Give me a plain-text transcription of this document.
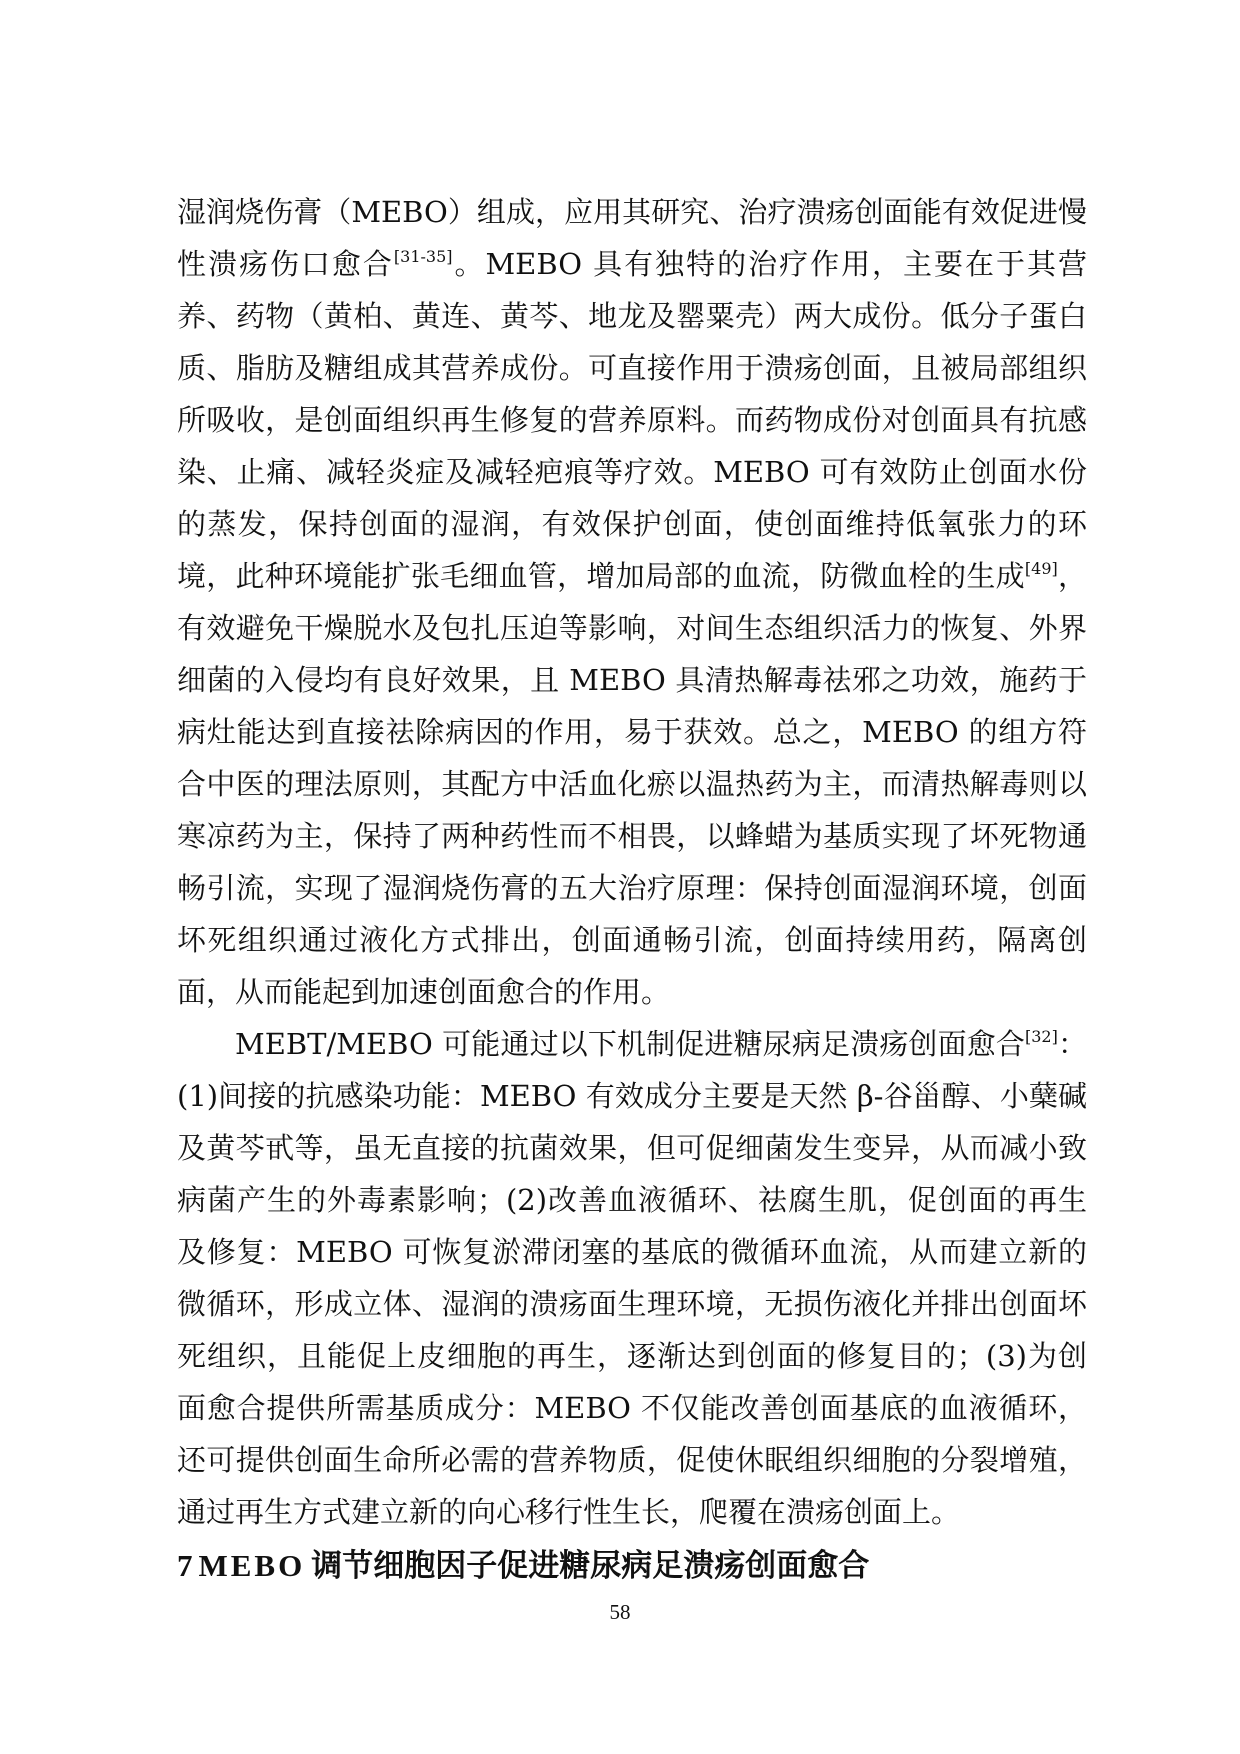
湿润烧伤膏（MEBO）组成，应用其研究、治疗溃疡创面能有效促进慢性溃疡伤口愈合[31-35]。MEBO 具有独特的治疗作用，主要在于其营养、药物（黄柏、黄连、黄芩、地龙及罂粟壳）两大成份。低分子蛋白质、脂肪及糖组成其营养成份。可直接作用于溃疡创面，且被局部组织所吸收，是创面组织再生修复的营养原料。而药物成份对创面具有抗感染、止痛、减轻炎症及减轻疤痕等疗效。MEBO 可有效防止创面水份的蒸发，保持创面的湿润，有效保护创面，使创面维持低氧张力的环境，此种环境能扩张毛细血管，增加局部的血流，防微血栓的生成[49]，有效避免干燥脱水及包扎压迫等影响，对间生态组织活力的恢复、外界细菌的入侵均有良好效果，且 MEBO 具清热解毒祛邪之功效，施药于病灶能达到直接祛除病因的作用，易于获效。总之，MEBO 的组方符合中医的理法原则，其配方中活血化瘀以温热药为主，而清热解毒则以寒凉药为主，保持了两种药性而不相畏，以蜂蜡为基质实现了坏死物通畅引流，实现了湿润烧伤膏的五大治疗原理：保持创面湿润环境，创面坏死组织通过液化方式排出，创面通畅引流，创面持续用药，隔离创面，从而能起到加速创面愈合的作用。

MEBT/MEBO 可能通过以下机制促进糖尿病足溃疡创面愈合[32]：(1)间接的抗感染功能：MEBO 有效成分主要是天然 β-谷甾醇、小蘖碱及黄芩甙等，虽无直接的抗菌效果，但可促细菌发生变异，从而减小致病菌产生的外毒素影响；(2)改善血液循环、祛腐生肌，促创面的再生及修复：MEBO 可恢复淤滞闭塞的基底的微循环血流，从而建立新的微循环，形成立体、湿润的溃疡面生理环境，无损伤液化并排出创面坏死组织，且能促上皮细胞的再生，逐渐达到创面的修复目的；(3)为创面愈合提供所需基质成分：MEBO 不仅能改善创面基底的血液循环，还可提供创面生命所必需的营养物质，促使休眠组织细胞的分裂增殖，通过再生方式建立新的向心移行性生长，爬覆在溃疡创面上。

7 MEBO 调节细胞因子促进糖尿病足溃疡创面愈合
58
